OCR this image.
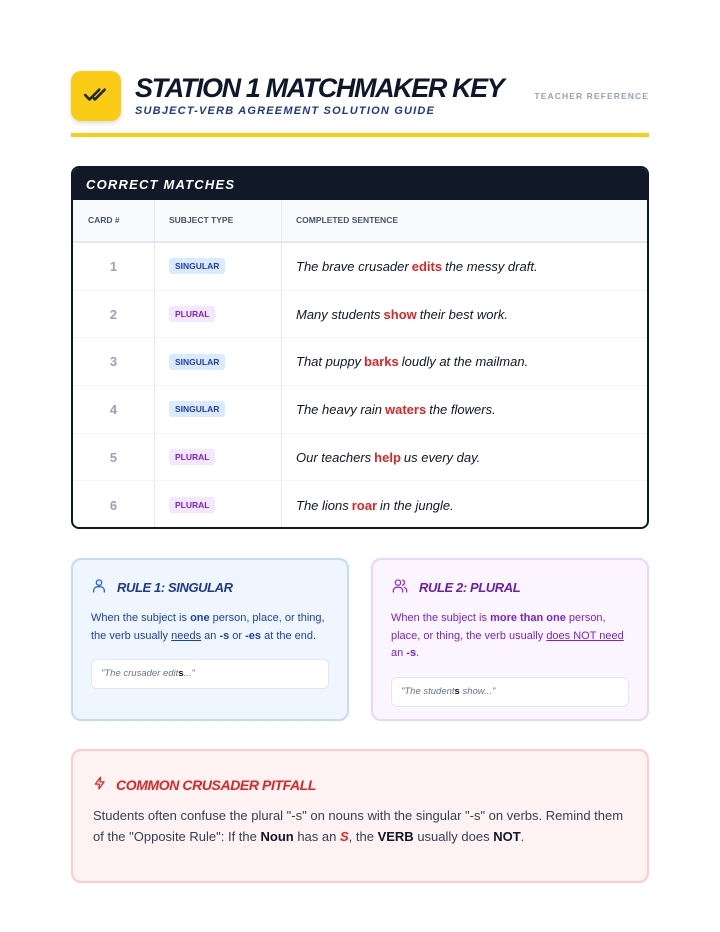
STATION 1 MATCHMAKER KEY
SUBJECT-VERB AGREEMENT SOLUTION GUIDE
TEACHER REFERENCE
CORRECT MATCHES
CARD #	SUBJECT TYPE	COMPLETED SENTENCE
1	SINGULAR	The brave crusader edits the messy draft.
2	PLURAL	Many students show their best work.
3	SINGULAR	That puppy barks loudly at the mailman.
4	SINGULAR	The heavy rain waters the flowers.
5	PLURAL	Our teachers help us every day.
6	PLURAL	The lions roar in the jungle.
RULE 1: SINGULAR
When the subject is one person, place, or thing, the verb usually needs an -s or -es at the end.
"The crusader edits..."
RULE 2: PLURAL
When the subject is more than one person, place, or thing, the verb usually does NOT need an -s.
"The students show..."
COMMON CRUSADER PITFALL
Students often confuse the plural "-s" on nouns with the singular "-s" on verbs. Remind them of the "Opposite Rule": If the Noun has an S, the VERB usually does NOT.
